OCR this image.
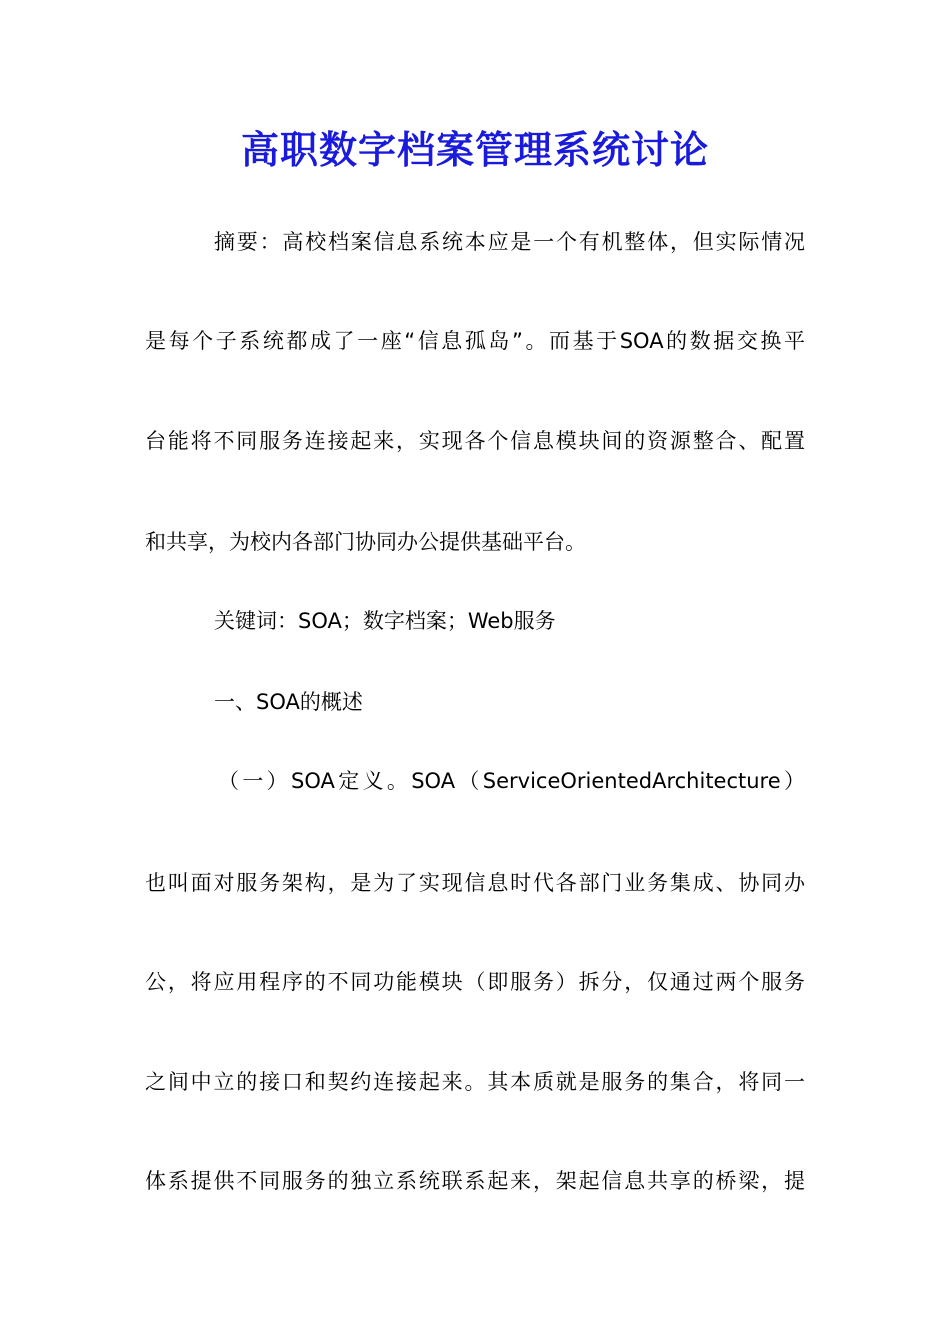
高职数字档案管理系统讨论

摘要：高校档案信息系统本应是一个有机整体，但实际情况

是每个子系统都成了一座“信息孤岛”。而基于SOA的数据交换平

台能将不同服务连接起来，实现各个信息模块间的资源整合、配置

和共享，为校内各部门协同办公提供基础平台。

关键词：SOA；数字档案；Web服务

一、SOA的概述

（一）SOA定义。SOA（ServiceOrientedArchitecture）

也叫面对服务架构，是为了实现信息时代各部门业务集成、协同办

公，将应用程序的不同功能模块（即服务）拆分，仅通过两个服务

之间中立的接口和契约连接起来。其本质就是服务的集合，将同一

体系提供不同服务的独立系统联系起来，架起信息共享的桥梁，提
